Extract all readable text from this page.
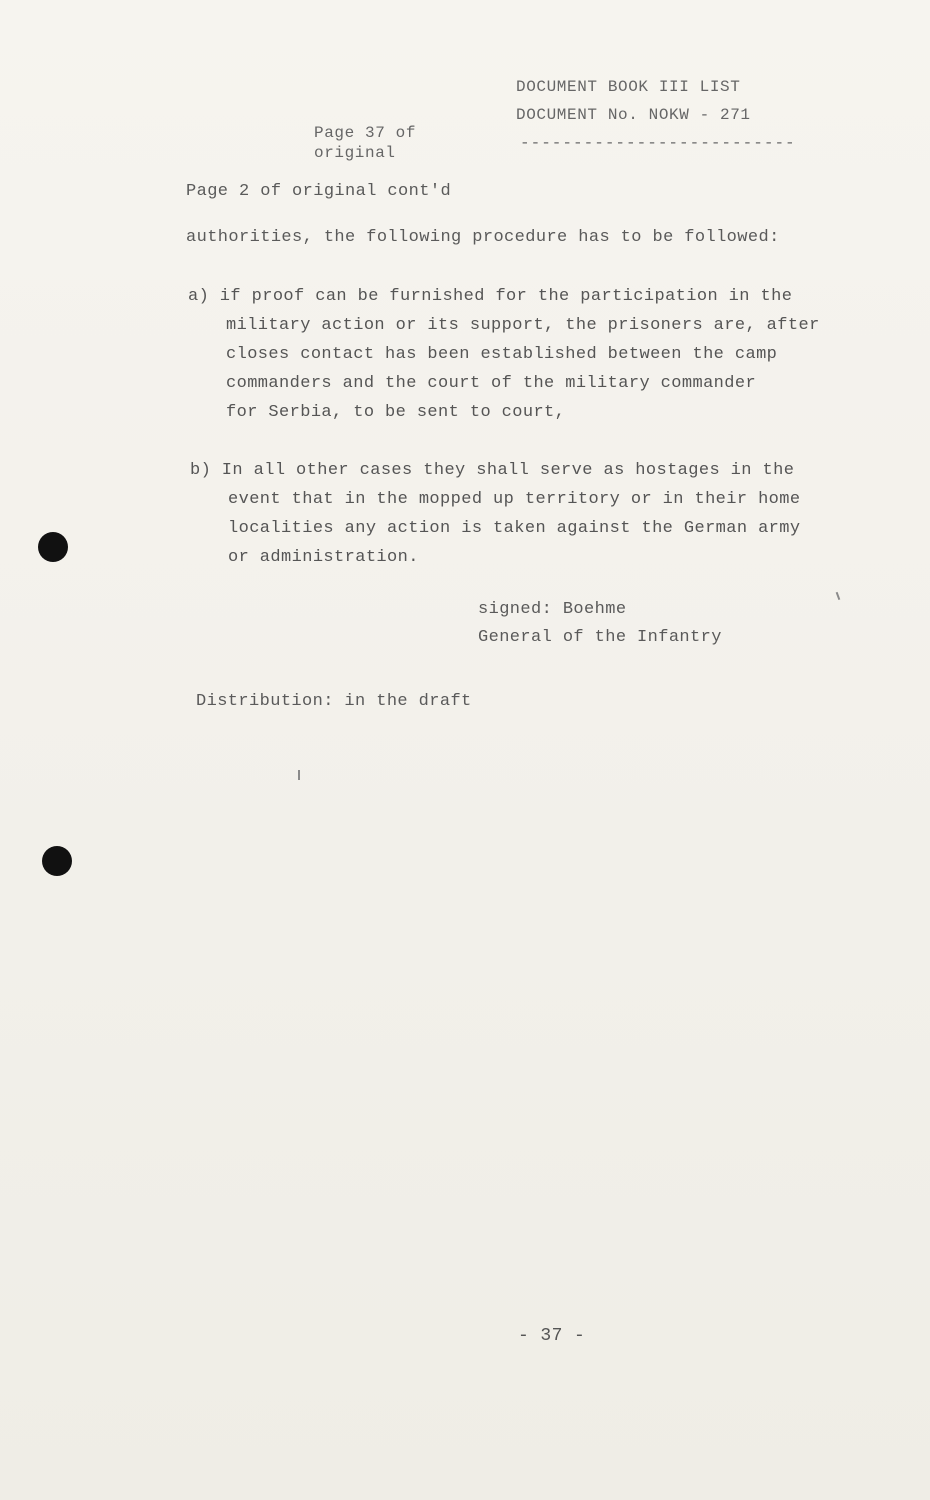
DOCUMENT BOOK III LIST
DOCUMENT No. NOKW - 271
--------------------------
Page 37 of
original
Page 2 of original cont'd
authorities, the following procedure has to be followed:
a) if proof can be furnished for the participation in the
military action or its support, the prisoners are, after
closes contact has been established between the camp
commanders and the court of the military commander
for Serbia, to be sent to court,
b) In all other cases they shall serve as hostages in the
event that in the mopped up territory or in their home
localities any action is taken against the German army
or administration.
signed: Boehme
General of the Infantry
Distribution: in the draft
- 37 -
